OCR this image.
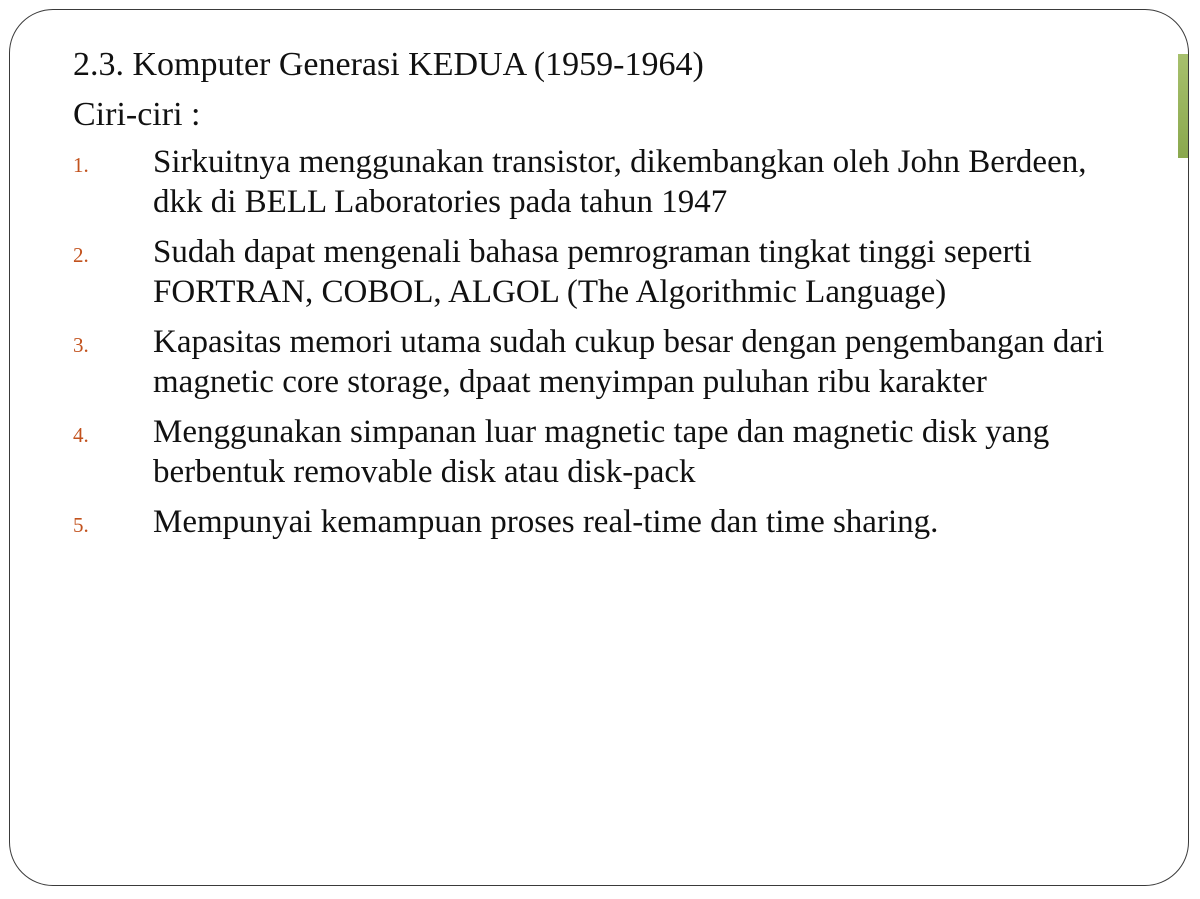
2.3. Komputer Generasi KEDUA (1959-1964)
Ciri-ciri :
1. Sirkuitnya menggunakan transistor, dikembangkan oleh John Berdeen, dkk di BELL Laboratories pada tahun 1947
2. Sudah dapat mengenali bahasa pemrograman tingkat tinggi seperti FORTRAN, COBOL, ALGOL (The Algorithmic Language)
3. Kapasitas memori utama sudah cukup besar dengan pengembangan dari magnetic core storage, dpaat menyimpan puluhan ribu karakter
4. Menggunakan simpanan luar magnetic tape dan magnetic disk yang berbentuk removable disk atau disk-pack
5. Mempunyai kemampuan proses real-time dan time sharing.
